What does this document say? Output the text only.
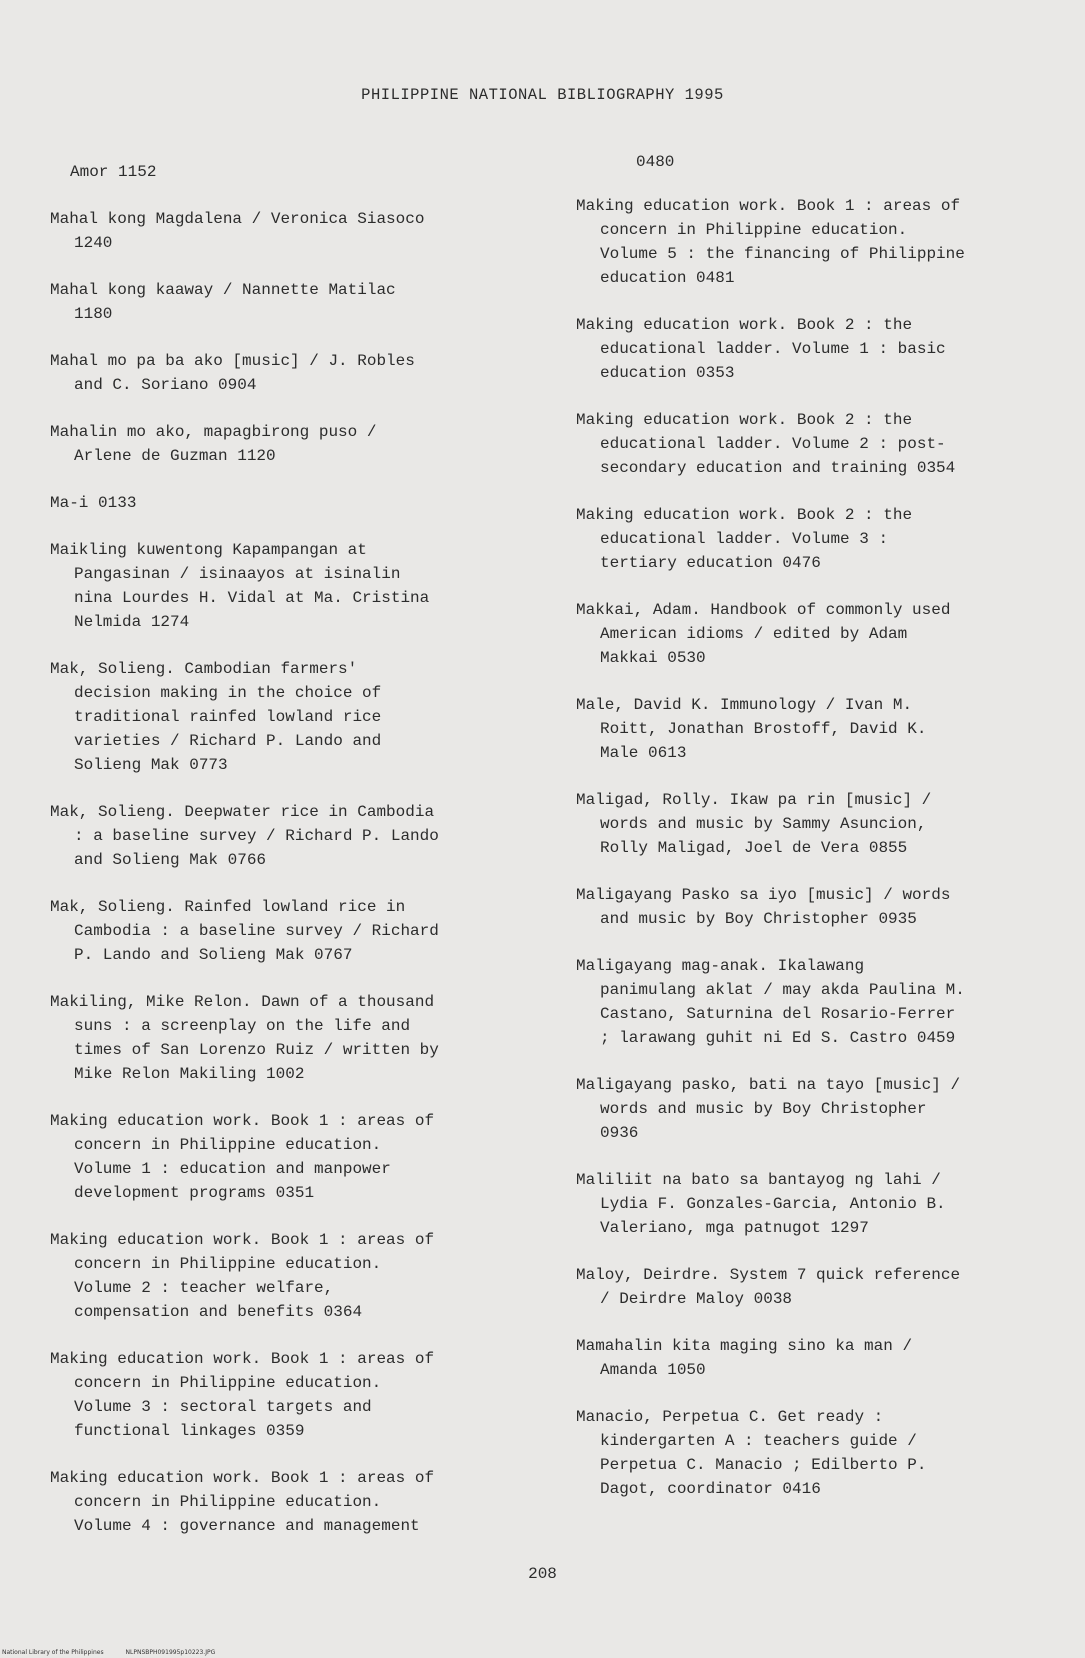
PHILIPPINE NATIONAL BIBLIOGRAPHY 1995

Amor 1152

Mahal kong Magdalena / Veronica Siasoco
1240

Mahal kong kaaway / Nannette Matilac
1180

Mahal mo pa ba ako [music] / J. Robles
and C. Soriano 0904

Mahalin mo ako, mapagbirong puso /
Arlene de Guzman 1120

Ma-i 0133

Maikling kuwentong Kapampangan at
Pangasinan / isinaayos at isinalin
nina Lourdes H. Vidal at Ma. Cristina
Nelmida 1274

Mak, Solieng. Cambodian farmers'
decision making in the choice of
traditional rainfed lowland rice
varieties / Richard P. Lando and
Solieng Mak 0773

Mak, Solieng. Deepwater rice in Cambodia
: a baseline survey / Richard P. Lando
and Solieng Mak 0766

Mak, Solieng. Rainfed lowland rice in
Cambodia : a baseline survey / Richard
P. Lando and Solieng Mak 0767

Makiling, Mike Relon. Dawn of a thousand
suns : a screenplay on the life and
times of San Lorenzo Ruiz / written by
Mike Relon Makiling 1002

Making education work. Book 1 : areas of
concern in Philippine education.
Volume 1 : education and manpower
development programs 0351

Making education work. Book 1 : areas of
concern in Philippine education.
Volume 2 : teacher welfare,
compensation and benefits 0364

Making education work. Book 1 : areas of
concern in Philippine education.
Volume 3 : sectoral targets and
functional linkages 0359

Making education work. Book 1 : areas of
concern in Philippine education.
Volume 4 : governance and management

0480

Making education work. Book 1 : areas of
concern in Philippine education.
Volume 5 : the financing of Philippine
education 0481

Making education work. Book 2 : the
educational ladder. Volume 1 : basic
education 0353

Making education work. Book 2 : the
educational ladder. Volume 2 : post-
secondary education and training 0354

Making education work. Book 2 : the
educational ladder. Volume 3 :
tertiary education 0476

Makkai, Adam. Handbook of commonly used
American idioms / edited by Adam
Makkai 0530

Male, David K. Immunology / Ivan M.
Roitt, Jonathan Brostoff, David K.
Male 0613

Maligad, Rolly. Ikaw pa rin [music] /
words and music by Sammy Asuncion,
Rolly Maligad, Joel de Vera 0855

Maligayang Pasko sa iyo [music] / words
and music by Boy Christopher 0935

Maligayang mag-anak. Ikalawang
panimulang aklat / may akda Paulina M.
Castano, Saturnina del Rosario-Ferrer
; larawang guhit ni Ed S. Castro 0459

Maligayang pasko, bati na tayo [music] /
words and music by Boy Christopher
0936

Maliliit na bato sa bantayog ng lahi /
Lydia F. Gonzales-Garcia, Antonio B.
Valeriano, mga patnugot 1297

Maloy, Deirdre. System 7 quick reference
/ Deirdre Maloy 0038

Mamahalin kita maging sino ka man /
Amanda 1050

Manacio, Perpetua C. Get ready :
kindergarten A : teachers guide /
Perpetua C. Manacio ; Edilberto P.
Dagot, coordinator 0416

208
National Library of the Philippines	NLPNSBPH091995p10223.JPG
